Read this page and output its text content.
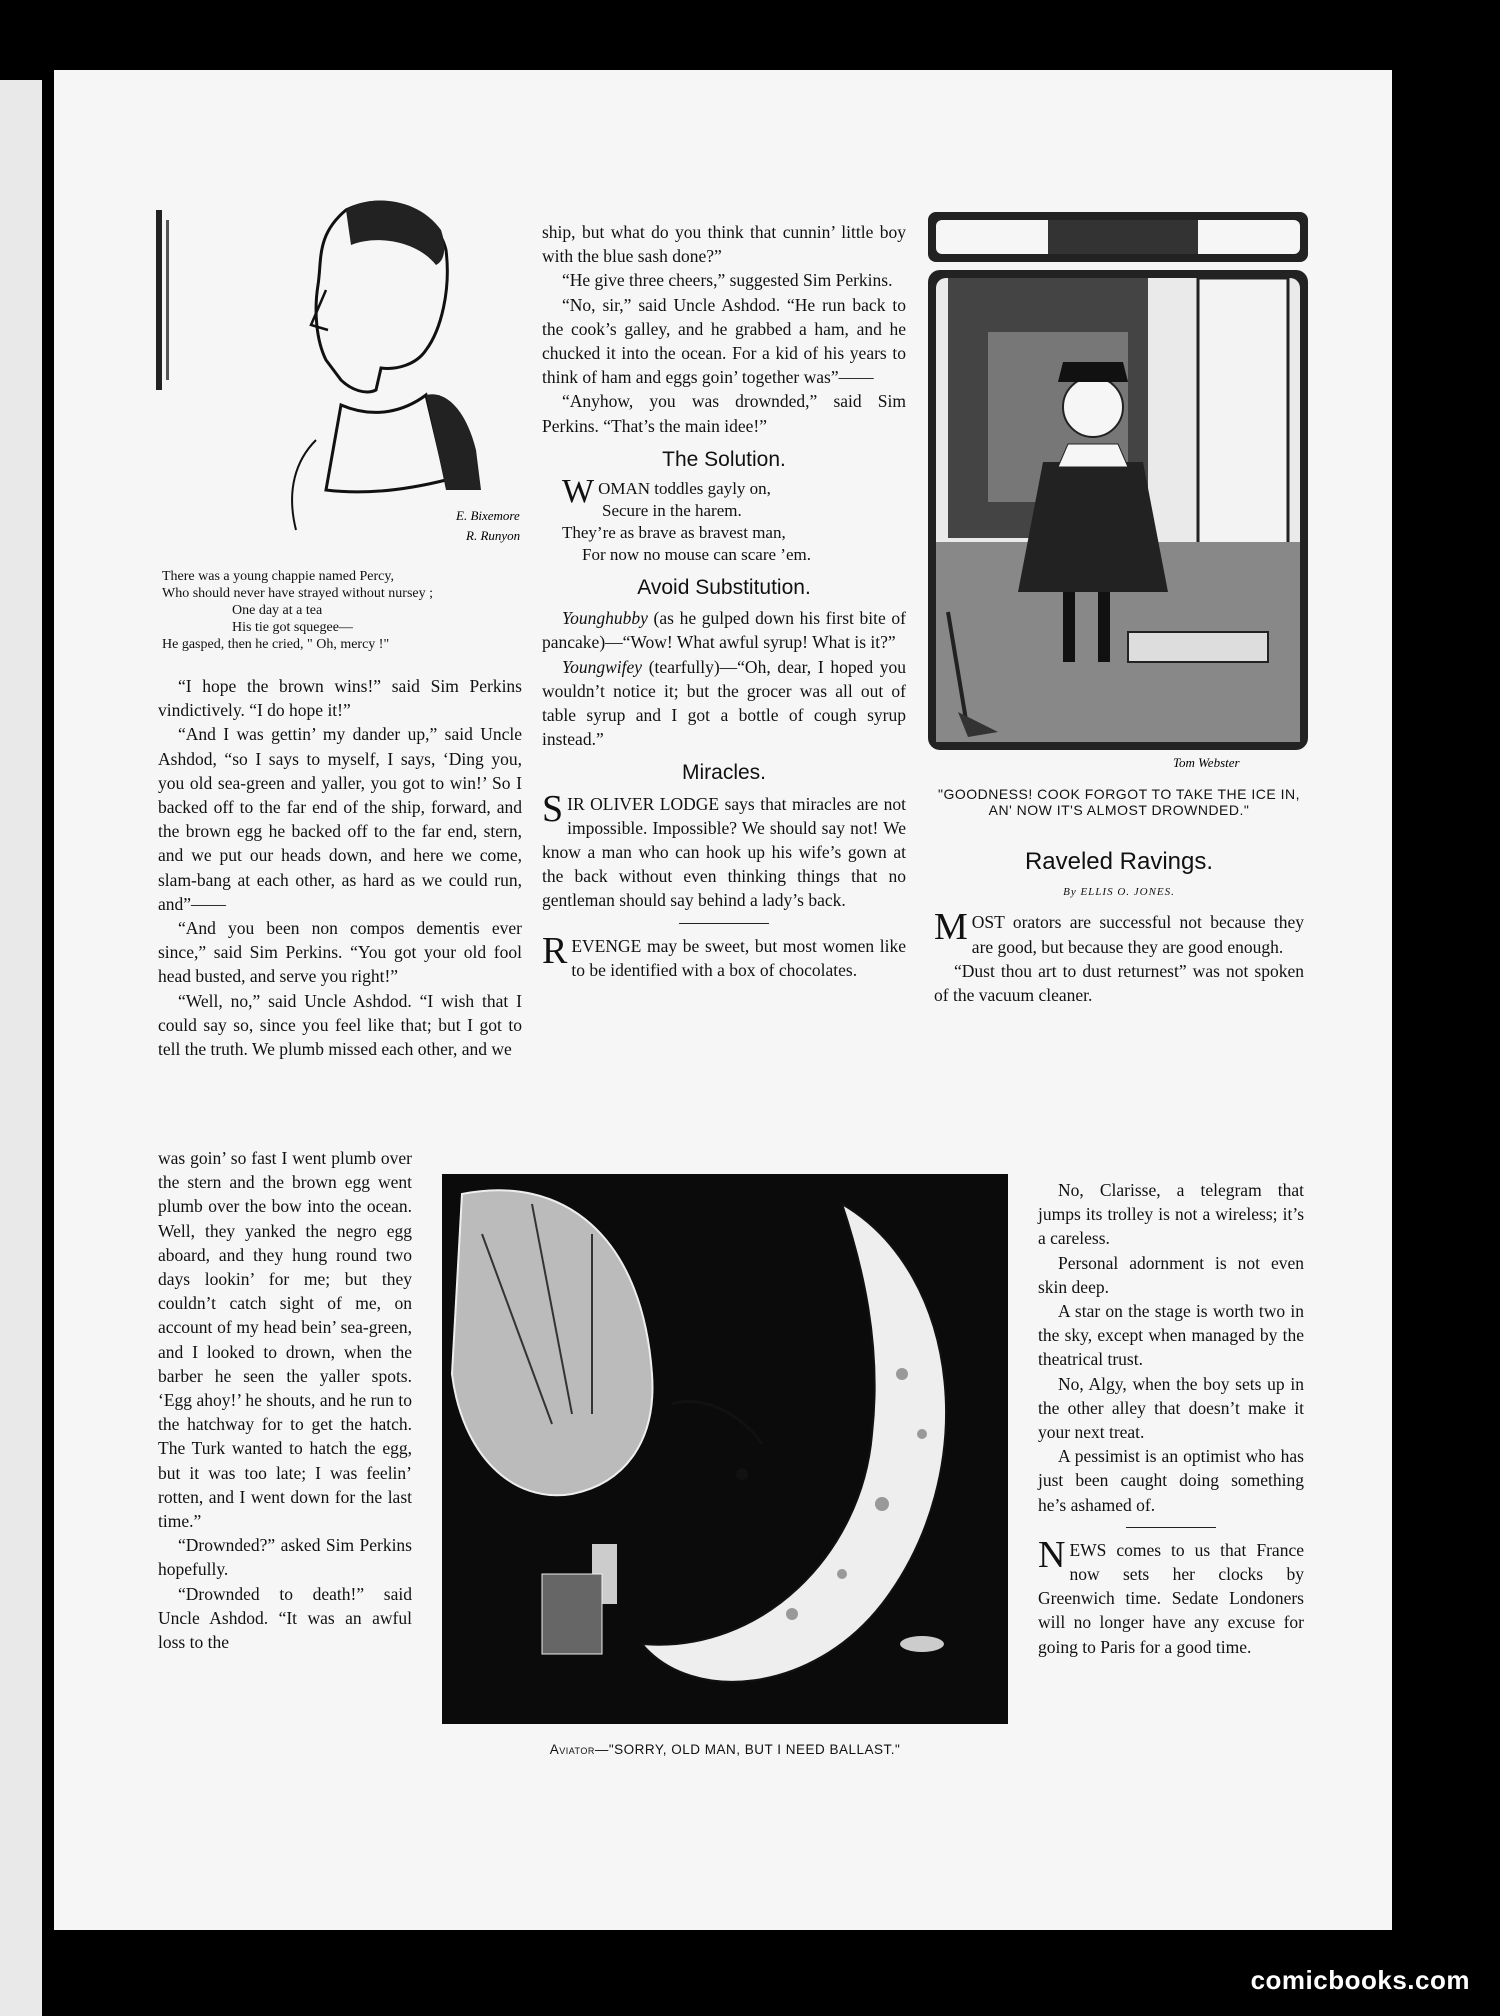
E. Bixemore
R. Runyon
There was a young chappie named Percy,
Who should never have strayed without nursey ;
One day at a tea
His tie got squegee—
He gasped, then he cried, " Oh, mercy !"

“I hope the brown wins!” said Sim Perkins vindictively. “I do hope it!”

“And I was gettin’ my dander up,” said Uncle Ashdod, “so I says to myself, I says, ‘Ding you, you old sea-green and yaller, you got to win!’ So I backed off to the far end of the ship, forward, and the brown egg he backed off to the far end, stern, and we put our heads down, and here we come, slam-bang at each other, as hard as we could run, and”——

“And you been non compos dementis ever since,” said Sim Perkins. “You got your old fool head busted, and serve you right!”

“Well, no,” said Uncle Ashdod. “I wish that I could say so, since you feel like that; but I got to tell the truth. We plumb missed each other, and we

was goin’ so fast I went plumb over the stern and the brown egg went plumb over the bow into the ocean. Well, they yanked the negro egg aboard, and they hung round two days lookin’ for me; but they couldn’t catch sight of me, on account of my head bein’ sea-green, and I looked to drown, when the barber he seen the yaller spots. ‘Egg ahoy!’ he shouts, and he run to the hatchway for to get the hatch. The Turk wanted to hatch the egg, but it was too late; I was feelin’ rotten, and I went down for the last time.”

“Drownded?” asked Sim Perkins hopefully.

“Drownded to death!” said Uncle Ashdod. “It was an awful loss to the

ship, but what do you think that cunnin’ little boy with the blue sash done?”

“He give three cheers,” suggested Sim Perkins.

“No, sir,” said Uncle Ashdod. “He run back to the cook’s galley, and he grabbed a ham, and he chucked it into the ocean. For a kid of his years to think of ham and eggs goin’ together was”——

“Anyhow, you was drownded,” said Sim Perkins. “That’s the main idee!”

The Solution.
WOMAN toddles gayly on,
Secure in the harem.
They’re as brave as bravest man,
For now no mouse can scare ’em.
Avoid Substitution.

Younghubby (as he gulped down his first bite of pancake)—“Wow! What awful syrup! What is it?”

Youngwifey (tearfully)—“Oh, dear, I hoped you wouldn’t notice it; but the grocer was all out of table syrup and I got a bottle of cough syrup instead.”

Miracles.

SIR OLIVER LODGE says that miracles are not impossible. Impossible? We should say not! We know a man who can hook up his wife’s gown at the back without even thinking things that no gentleman should say behind a lady’s back.

REVENGE may be sweet, but most women like to be identified with a box of chocolates.

Tom Webster
"GOODNESS! COOK FORGOT TO TAKE THE ICE IN, AN' NOW IT'S ALMOST DROWNDED."
Raveled Ravings.
By ELLIS O. JONES.

MOST orators are successful not because they are good, but because they are good enough.

“Dust thou art to dust returnest” was not spoken of the vacuum cleaner.

No, Clarisse, a telegram that jumps its trolley is not a wireless; it’s a careless.

Personal adornment is not even skin deep.

A star on the stage is worth two in the sky, except when managed by the theatrical trust.

No, Algy, when the boy sets up in the other alley that doesn’t make it your next treat.

A pessimist is an optimist who has just been caught doing something he’s ashamed of.

NEWS comes to us that France now sets her clocks by Greenwich time. Sedate Londoners will no longer have any excuse for going to Paris for a good time.

Aviator—"SORRY, OLD MAN, BUT I NEED BALLAST."
comicbooks.com
